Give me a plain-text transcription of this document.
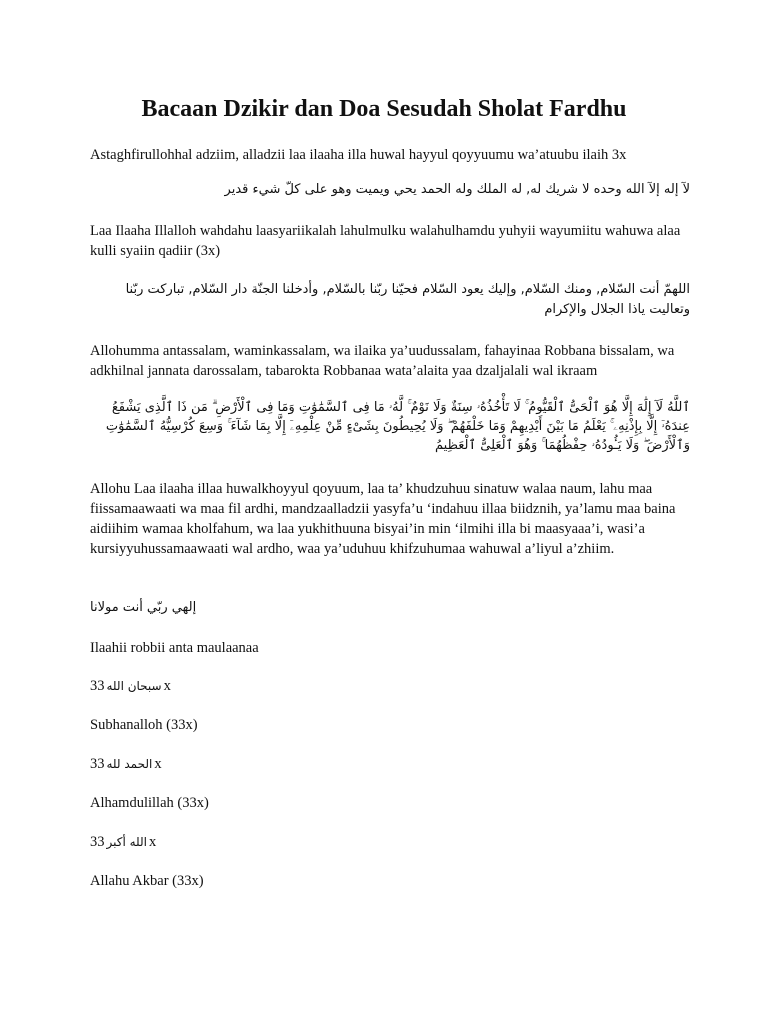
Bacaan Dzikir dan Doa Sesudah Sholat Fardhu

Astaghfirullohhal adziim, alladzii laa ilaaha illa huwal hayyul qoyyuumu wa’atuubu ilaih 3x

لآ إله إلآ الله وحده لا شريك له, له الملك وله الحمد يحي ويميت وهو على كلّ شيء قدير

Laa Ilaaha Illalloh wahdahu laasyariikalah lahulmulku walahulhamdu yuhyii wayumiitu wahuwa alaa kulli syaiin qadiir (3x)

اللهمّ أنت السّلام, ومنك السّلام, وإليك يعود السّلام فحيّنا ربّنا بالسّلام, وأدخلنا الجنّة دار السّلام, تباركت ربّنا وتعاليت ياذا الجلال والإكرام

Allohumma antassalam, waminkassalam, wa ilaika ya’uudussalam, fahayinaa Robbana bissalam, wa adkhilnal jannata darossalam, tabarokta Robbanaa wata’alaita yaa dzaljalali wal ikraam

ٱللَّهُ لَآ إِلَٰهَ إِلَّا هُوَ ٱلْحَىُّ ٱلْقَيُّومُ ۚ لَا تَأْخُذُهُۥ سِنَةٌ وَلَا نَوْمٌ ۚ لَّهُۥ مَا فِى ٱلسَّمَٰوَٰتِ وَمَا فِى ٱلْأَرْضِ ۗ مَن ذَا ٱلَّذِى يَشْفَعُ عِندَهُۥٓ إِلَّا بِإِذْنِهِۦ ۚ يَعْلَمُ مَا بَيْنَ أَيْدِيهِمْ وَمَا خَلْفَهُمْ ۖ وَلَا يُحِيطُونَ بِشَىْءٍ مِّنْ عِلْمِهِۦٓ إِلَّا بِمَا شَآءَ ۚ وَسِعَ كُرْسِيُّهُ ٱلسَّمَٰوَٰتِ وَٱلْأَرْضَ ۖ وَلَا يَـُٔودُهُۥ حِفْظُهُمَا ۚ وَهُوَ ٱلْعَلِىُّ ٱلْعَظِيمُ

Allohu Laa ilaaha illaa huwalkhoyyul qoyuum, laa ta’ khudzuhuu sinatuw walaa naum, lahu maa fiissamaawaati wa maa fil ardhi, mandzaalladzii yasyfa’u ‘indahuu illaa biidznih, ya’lamu maa baina aidiihim wamaa kholfahum, wa laa yukhithuuna bisyai’in min ‘ilmihi illa bi maasyaaa’i, wasi’a kursiyyuhussamaawaati wal ardho, waa ya’uduhuu khifzuhumaa wahuwal a’liyul a’zhiim.

إلهي ربّي أنت مولانا

Ilaahii robbii anta maulaanaa

33 سبحان الله x

Subhanalloh (33x)

33 الحمد لله x

Alhamdulillah (33x)

33 الله أكبر x

Allahu Akbar (33x)
